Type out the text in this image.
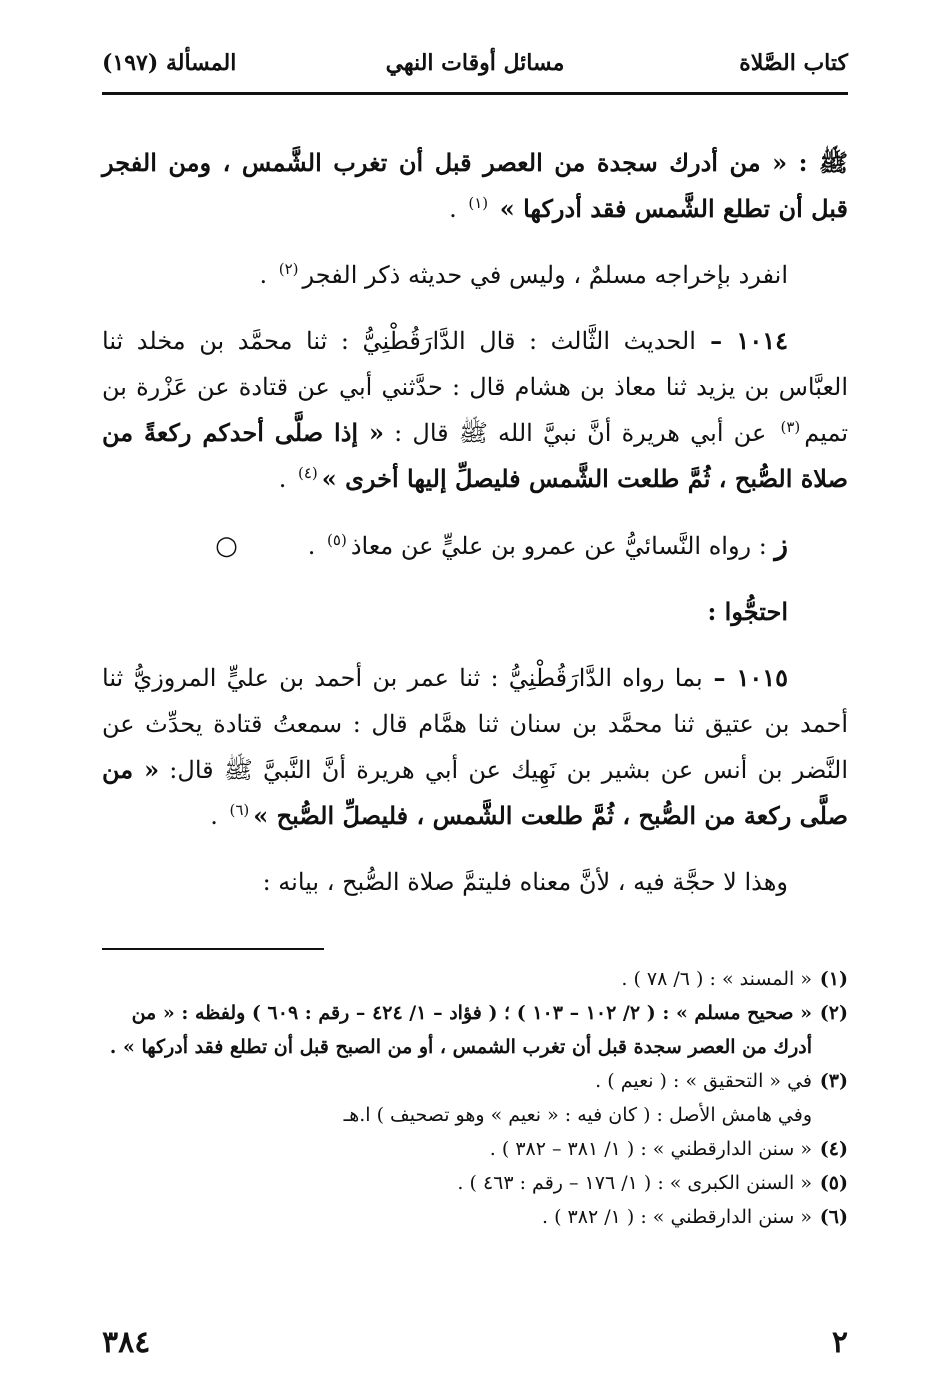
كتاب الصَّلاة
مسائل أوقات النهي
المسألة (١٩٧)

ﷺ : « من أدرك سجدة من العصر قبل أن تغرب الشَّمس ، ومن الفجر قبل أن تطلع الشَّمس فقد أدركها » $^{(١)}$ .

انفرد بإخراجه مسلمٌ ، وليس في حديثه ذكر الفجر$^{(٢)}$ .

١٠١٤ – الحديث الثَّالث : قال الدَّارَقُطْنِيُّ : ثنا محمَّد بن مخلد ثنا العبَّاس بن يزيد ثنا معاذ بن هشام قال : حدَّثني أبي عن قتادة عن عَزْرة بن تميم$^{(٣)}$ عن أبي هريرة أنَّ نبيَّ الله ﷺ قال : « إذا صلَّى أحدكم ركعةً من صلاة الصُّبح ، ثُمَّ طلعت الشَّمس فليصلِّ إليها أخرى »$^{(٤)}$ .

ز : رواه النَّسائيُّ عن عمرو بن عليٍّ عن معاذ$^{(٥)}$ .○

احتجُّوا :

١٠١٥ – بما رواه الدَّارَقُطْنِيُّ : ثنا عمر بن أحمد بن عليٍّ المروزيُّ ثنا أحمد بن عتيق ثنا محمَّد بن سنان ثنا همَّام قال : سمعتُ قتادة يحدِّث عن النَّضر بن أنس عن بشير بن نَهِيك عن أبي هريرة أنَّ النَّبيَّ ﷺ قال: « من صلَّى ركعة من الصُّبح ، ثُمَّ طلعت الشَّمس ، فليصلِّ الصُّبح »$^{(٦)}$ .

وهذا لا حجَّة فيه ، لأنَّ معناه فليتمَّ صلاة الصُّبح ، بيانه :

(١)« المسند » : ( ٦/ ٧٨ ) .
(٢)« صحيح مسلم » : ( ٢/ ١٠٢ – ١٠٣ ) ؛ ( فؤاد – ١/ ٤٢٤ – رقم : ٦٠٩ ) ولفظه : « من
أدرك من العصر سجدة قبل أن تغرب الشمس ، أو من الصبح قبل أن تطلع فقد أدركها » .
(٣)في « التحقيق » : ( نعيم ) .
وفي هامش الأصل : ( كان فيه : « نعيم » وهو تصحيف ) ا.هـ
(٤)« سنن الدارقطني » : ( ١/ ٣٨١ – ٣٨٢ ) .
(٥)« السنن الكبرى » : ( ١/ ١٧٦ – رقم : ٤٦٣ ) .
(٦)« سنن الدارقطني » : ( ١/ ٣٨٢ ) .
٢
٣٨٤
